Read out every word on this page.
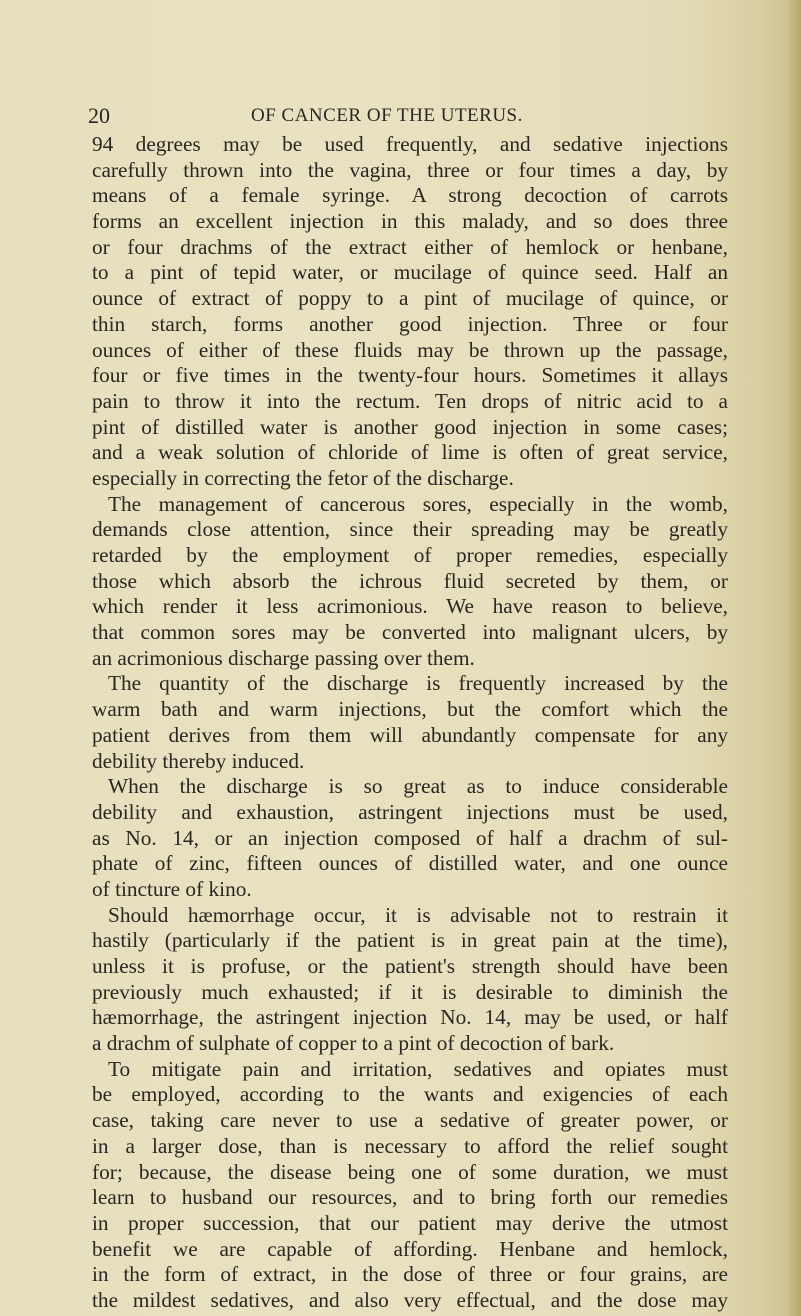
20	OF CANCER OF THE UTERUS.
94 degrees may be used frequently, and sedative injections
carefully thrown into the vagina, three or four times a day, by
means of a female syringe. A strong decoction of carrots
forms an excellent injection in this malady, and so does three
or four drachms of the extract either of hemlock or henbane,
to a pint of tepid water, or mucilage of quince seed. Half an
ounce of extract of poppy to a pint of mucilage of quince, or
thin starch, forms another good injection. Three or four
ounces of either of these fluids may be thrown up the passage,
four or five times in the twenty-four hours. Sometimes it allays
pain to throw it into the rectum. Ten drops of nitric acid to a
pint of distilled water is another good injection in some cases;
and a weak solution of chloride of lime is often of great service,
especially in correcting the fetor of the discharge.
The management of cancerous sores, especially in the womb,
demands close attention, since their spreading may be greatly
retarded by the employment of proper remedies, especially
those which absorb the ichrous fluid secreted by them, or
which render it less acrimonious. We have reason to believe,
that common sores may be converted into malignant ulcers, by
an acrimonious discharge passing over them.
The quantity of the discharge is frequently increased by the
warm bath and warm injections, but the comfort which the
patient derives from them will abundantly compensate for any
debility thereby induced.
When the discharge is so great as to induce considerable
debility and exhaustion, astringent injections must be used,
as No. 14, or an injection composed of half a drachm of sul-
phate of zinc, fifteen ounces of distilled water, and one ounce
of tincture of kino.
Should hæmorrhage occur, it is advisable not to restrain it
hastily (particularly if the patient is in great pain at the time),
unless it is profuse, or the patient's strength should have been
previously much exhausted; if it is desirable to diminish the
hæmorrhage, the astringent injection No. 14, may be used, or half
a drachm of sulphate of copper to a pint of decoction of bark.
To mitigate pain and irritation, sedatives and opiates must
be employed, according to the wants and exigencies of each
case, taking care never to use a sedative of greater power, or
in a larger dose, than is necessary to afford the relief sought
for; because, the disease being one of some duration, we must
learn to husband our resources, and to bring forth our remedies
in proper succession, that our patient may derive the utmost
benefit we are capable of affording. Henbane and hemlock,
in the form of extract, in the dose of three or four grains, are
the mildest sedatives, and also very effectual, and the dose may
